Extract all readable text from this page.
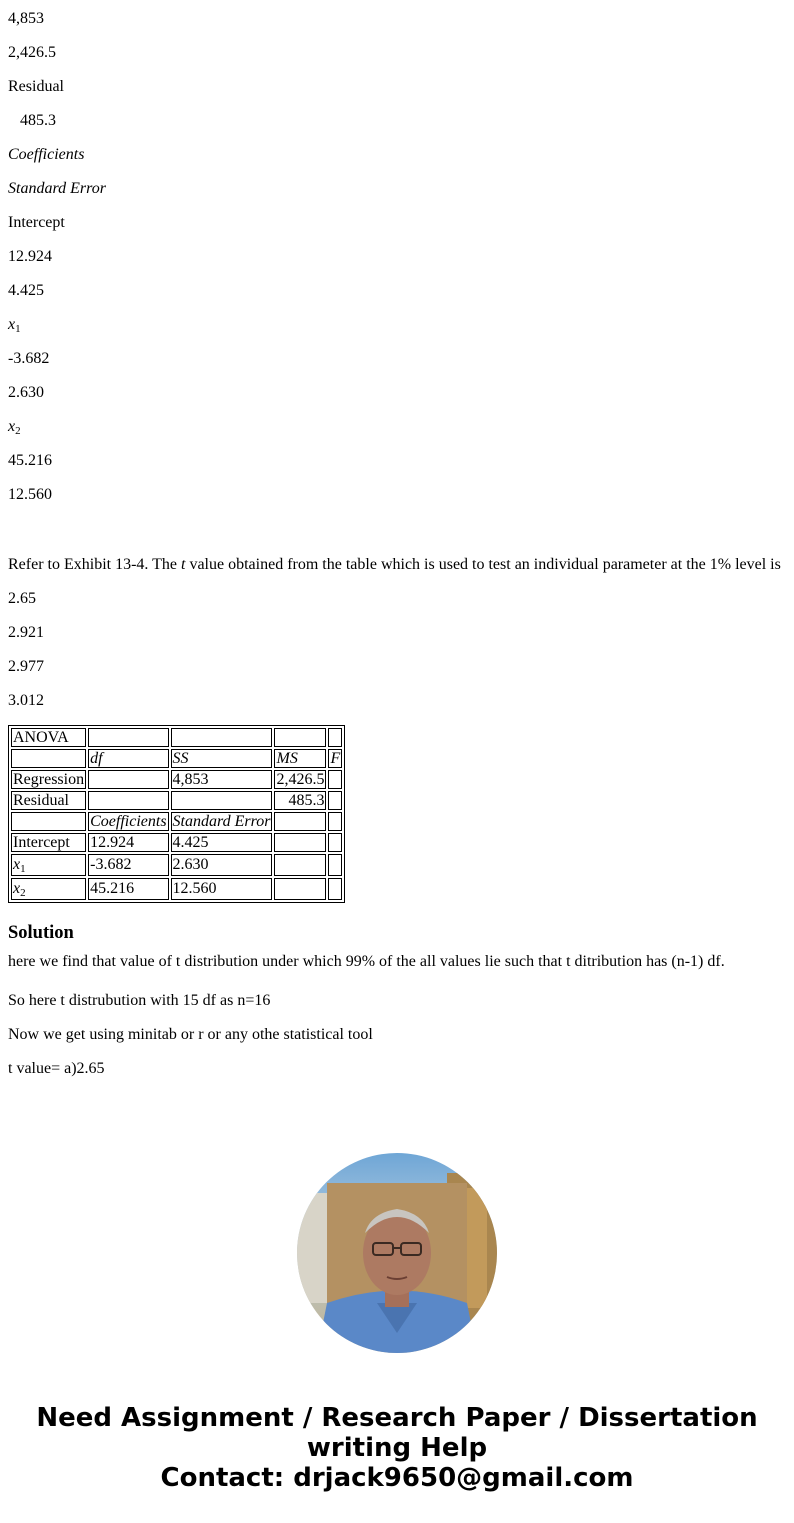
4,853

2,426.5

Residual

485.3

Coefficients

Standard Error

Intercept

12.924

4.425

$x_1$

-3.682

2.630

$x_2$

45.216

12.560

Refer to Exhibit 13-4. The t value obtained from the table which is used to test an individual parameter at the 1% level is

2.65

2.921

2.977

3.012

ANOVA				
	df	SS	MS	F
Regression		4,853	2,426.5	
Residual			485.3	
	Coefficients	Standard Error		
Intercept	12.924	4.425		
$x_1$	-3.682	2.630		
$x_2$	45.216	12.560		
Solution

here we find that value of t distribution under which 99% of the all values lie such that t ditribution has (n-1) df.

So here t distrubution with 15 df as n=16

Now we get using minitab or r or any othe statistical tool

t value= a)2.65

Need Assignment / Research Paper / Dissertation
writing Help
Contact: drjack9650@gmail.com
